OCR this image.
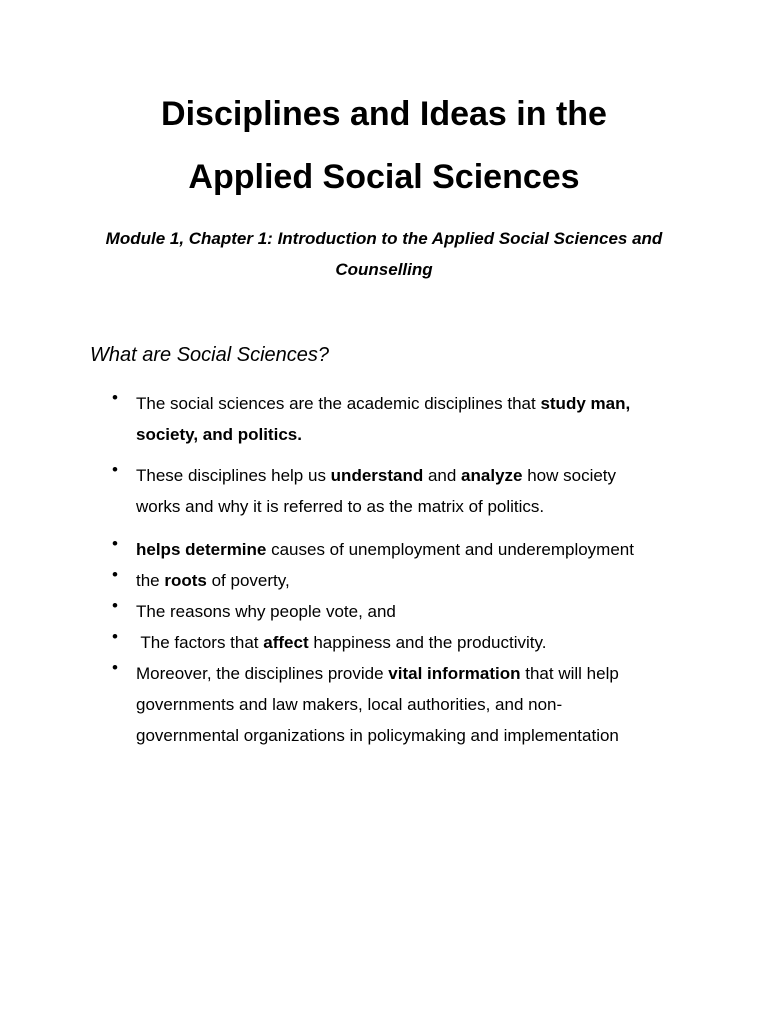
Disciplines and Ideas in the
Applied Social Sciences

Module 1, Chapter 1: Introduction to the Applied Social Sciences and

Counselling

What are Social Sciences?
• The social sciences are the academic disciplines that study man,
society, and politics.
• These disciplines help us understand and analyze how society
works and why it is referred to as the matrix of politics.
• helps determine causes of unemployment and underemployment
• the roots of poverty,
• The reasons why people vote, and
• The factors that affect happiness and the productivity.
• Moreover, the disciplines provide vital information that will help
governments and law makers, local authorities, and non-
governmental organizations in policymaking and implementation
